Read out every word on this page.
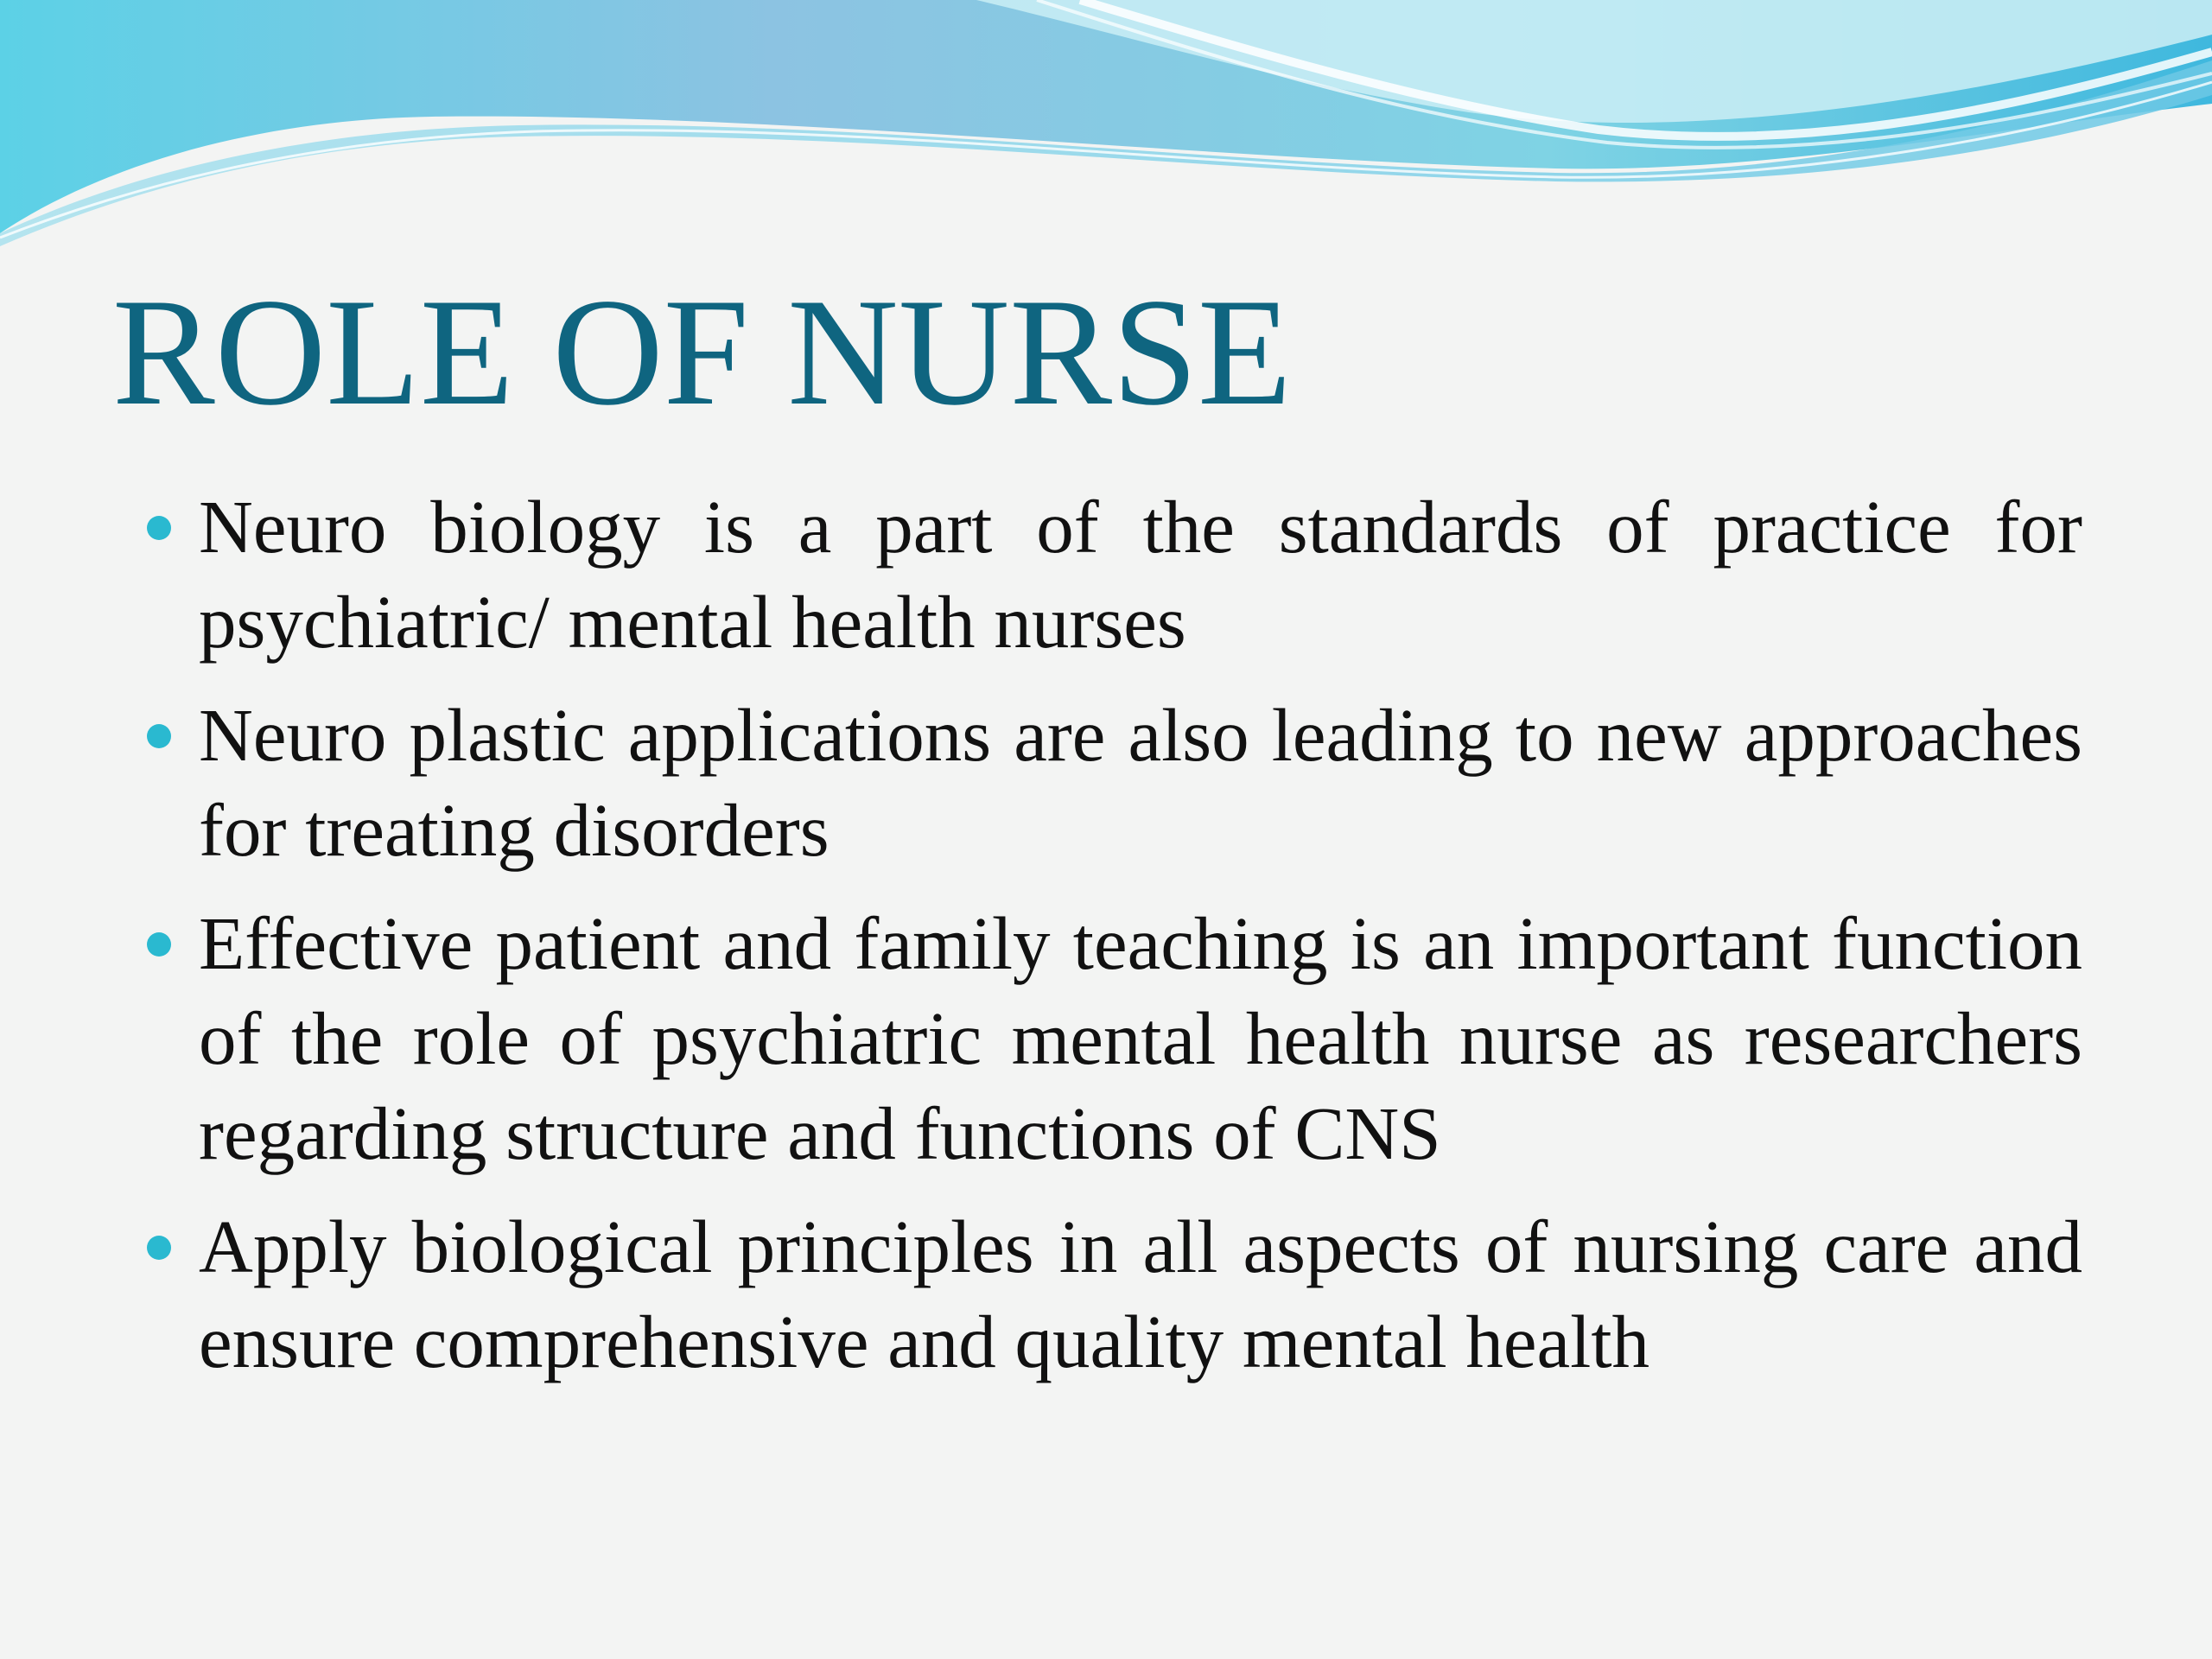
ROLE OF NURSE
Neuro biology is a part of the standards of practice for psychiatric/ mental health nurses
Neuro plastic applications are also leading to new approaches for treating disorders
Effective patient and family teaching is an important function of the role of psychiatric mental health nurse as researchers regarding structure and functions of CNS
Apply biological principles in all aspects of nursing care and ensure comprehensive and quality mental health
